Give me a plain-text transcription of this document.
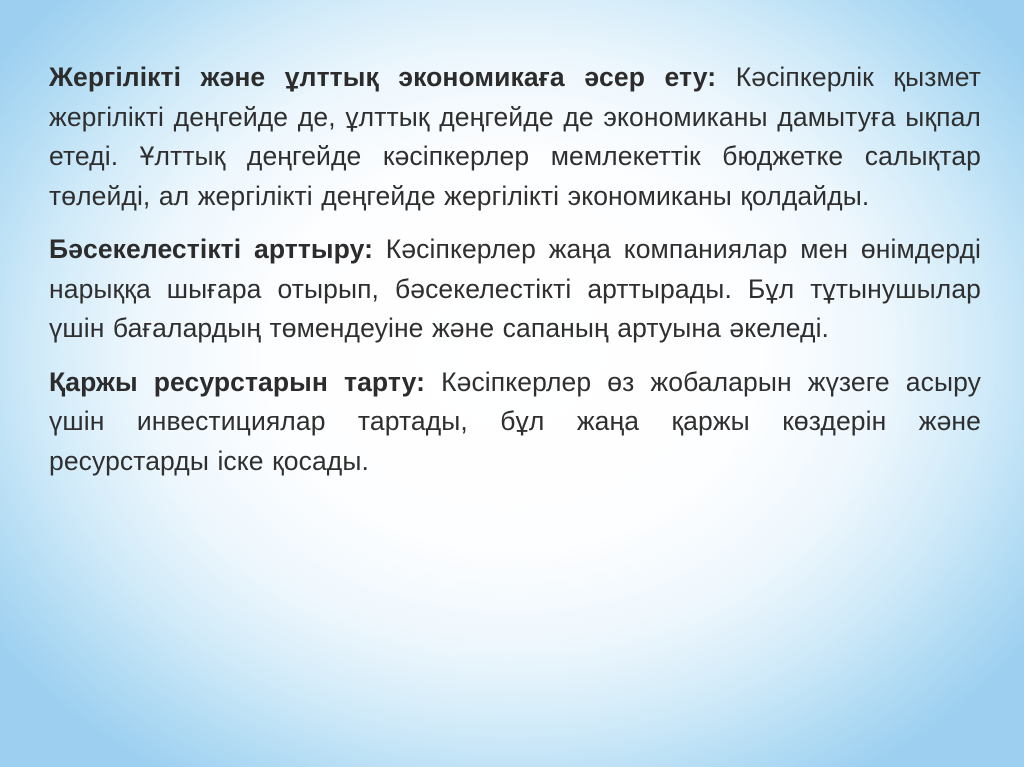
Жергілікті және ұлттық экономикаға әсер ету: Кәсіпкерлік қызмет жергілікті деңгейде де, ұлттық деңгейде де экономиканы дамытуға ықпал етеді. Ұлттық деңгейде кәсіпкерлер мемлекеттік бюджетке салықтар төлейді, ал жергілікті деңгейде жергілікті экономиканы қолдайды.

Бәсекелестікті арттыру: Кәсіпкерлер жаңа компаниялар мен өнімдерді нарыққа шығара отырып, бәсекелестікті арттырады. Бұл тұтынушылар үшін бағалардың төмендеуіне және сапаның артуына әкеледі.

Қаржы ресурстарын тарту: Кәсіпкерлер өз жобаларын жүзеге асыру үшін инвестициялар тартады, бұл жаңа қаржы көздерін және ресурстарды іске қосады.
